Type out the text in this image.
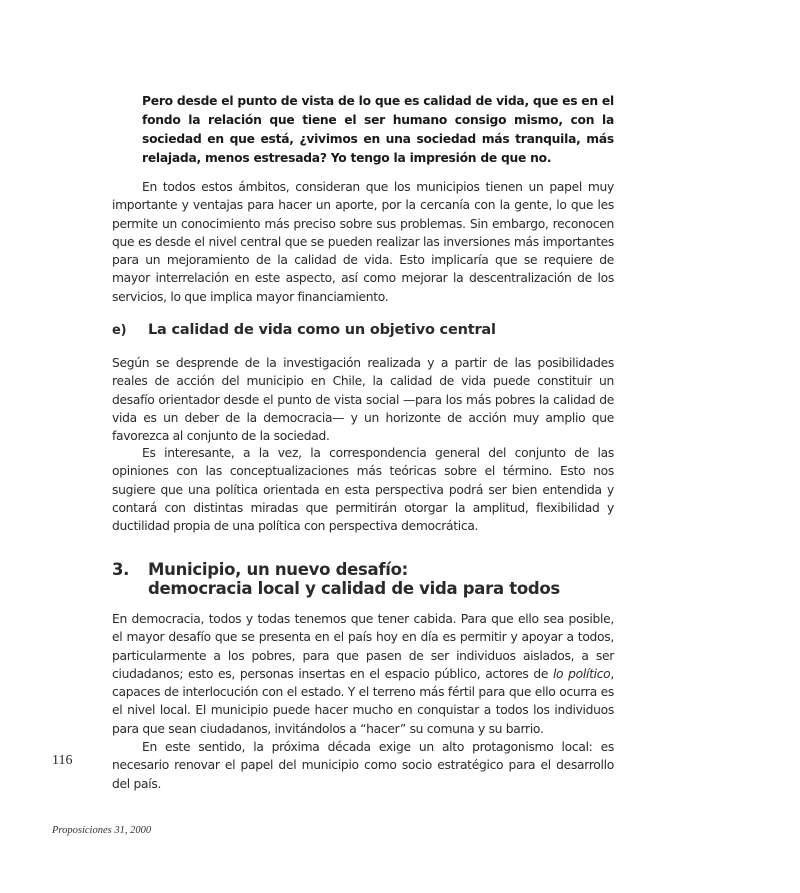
Pero desde el punto de vista de lo que es calidad de vida, que es en el fondo la relación que tiene el ser humano consigo mismo, con la sociedad en que está, ¿vivimos en una sociedad más tranquila, más relajada, menos estresada? Yo tengo la impresión de que no.

En todos estos ámbitos, consideran que los municipios tienen un papel muy importante y ventajas para hacer un aporte, por la cercanía con la gente, lo que les permite un conocimiento más preciso sobre sus problemas. Sin embargo, reconocen que es desde el nivel central que se pueden realizar las inversiones más importantes para un mejoramiento de la calidad de vida. Esto implicaría que se requiere de mayor interrelación en este aspecto, así como mejorar la descentralización de los servicios, lo que implica mayor financiamiento.

e) La calidad de vida como un objetivo central

Según se desprende de la investigación realizada y a partir de las posibilidades reales de acción del municipio en Chile, la calidad de vida puede constituir un desafío orientador desde el punto de vista social —para los más pobres la calidad de vida es un deber de la democracia— y un horizonte de acción muy amplio que favorezca al conjunto de la sociedad.

Es interesante, a la vez, la correspondencia general del conjunto de las opiniones con las conceptualizaciones más teóricas sobre el término. Esto nos sugiere que una política orientada en esta perspectiva podrá ser bien entendida y contará con distintas miradas que permitirán otorgar la amplitud, flexibilidad y ductilidad propia de una política con perspectiva democrática.

3. Municipio, un nuevo desafío:
democracia local y calidad de vida para todos

En democracia, todos y todas tenemos que tener cabida. Para que ello sea posible, el mayor desafío que se presenta en el país hoy en día es permitir y apoyar a todos, particularmente a los pobres, para que pasen de ser individuos aislados, a ser ciudadanos; esto es, personas insertas en el espacio público, actores de lo político, capaces de interlocución con el estado. Y el terreno más fértil para que ello ocurra es el nivel local. El municipio puede hacer mucho en conquistar a todos los individuos para que sean ciudadanos, invitándolos a “hacer” su comuna y su barrio.

En este sentido, la próxima década exige un alto protagonismo local: es necesario renovar el papel del municipio como socio estratégico para el desarrollo del país.

116
Proposiciones 31, 2000
